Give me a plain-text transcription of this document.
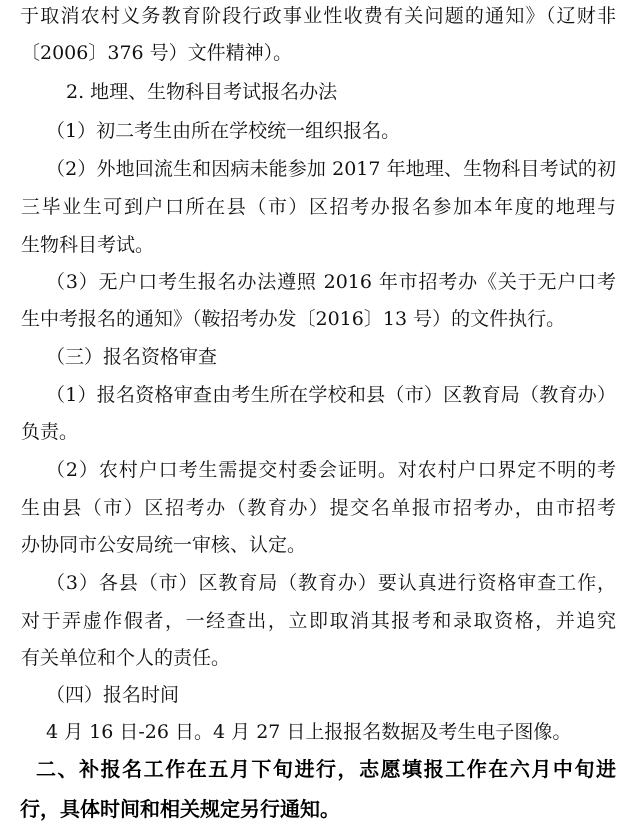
于取消农村义务教育阶段行政事业性收费有关问题的通知》（辽财非
〔2006〕376 号）文件精神）。
2. 地理、生物科目考试报名办法
（1）初二考生由所在学校统一组织报名。
（2）外地回流生和因病未能参加 2017 年地理、生物科目考试的初
三毕业生可到户口所在县（市）区招考办报名参加本年度的地理与
生物科目考试。
（3）无户口考生报名办法遵照 2016 年市招考办《关于无户口考
生中考报名的通知》（鞍招考办发〔2016〕13 号）的文件执行。
（三）报名资格审查
（1）报名资格审查由考生所在学校和县（市）区教育局（教育办）
负责。
（2）农村户口考生需提交村委会证明。对农村户口界定不明的考
生由县（市）区招考办（教育办）提交名单报市招考办，由市招考
办协同市公安局统一审核、认定。
（3）各县（市）区教育局（教育办）要认真进行资格审查工作，
对于弄虚作假者，一经查出，立即取消其报考和录取资格，并追究
有关单位和个人的责任。
（四）报名时间
4 月 16 日-26 日。4 月 27 日上报报名数据及考生电子图像。
二、补报名工作在五月下旬进行，志愿填报工作在六月中旬进
行，具体时间和相关规定另行通知。
